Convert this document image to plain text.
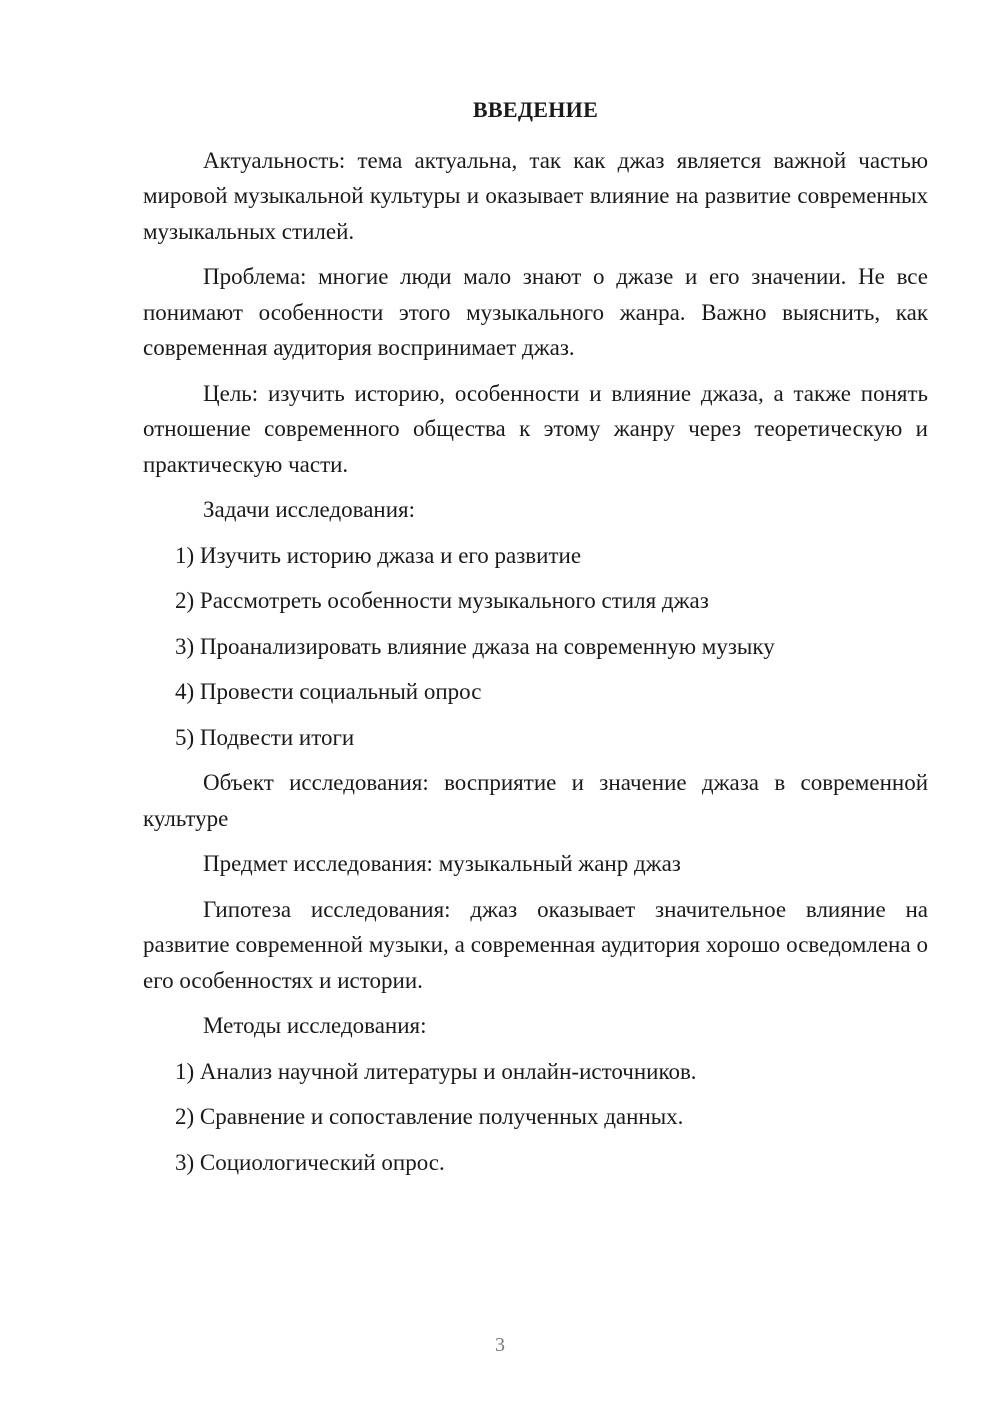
ВВЕДЕНИЕ

Актуальность: тема актуальна, так как джаз является важной частью мировой музыкальной культуры и оказывает влияние на развитие современных музыкальных стилей.

Проблема: многие люди мало знают о джазе и его значении. Не все понимают особенности этого музыкального жанра. Важно выяснить, как современная аудитория воспринимает джаз.

Цель: изучить историю, особенности и влияние джаза, а также понять отношение современного общества к этому жанру через теоретическую и практическую части.

Задачи исследования:

1) Изучить историю джаза и его развитие
2) Рассмотреть особенности музыкального стиля джаз
3) Проанализировать влияние джаза на современную музыку
4) Провести социальный опрос
5) Подвести итоги

Объект исследования: восприятие и значение джаза в современной культуре

Предмет исследования: музыкальный жанр джаз

Гипотеза исследования: джаз оказывает значительное влияние на развитие современной музыки, а современная аудитория хорошо осведомлена о его особенностях и истории.

Методы исследования:

1) Анализ научной литературы и онлайн-источников.
2) Сравнение и сопоставление полученных данных.
3) Социологический опрос.
3
